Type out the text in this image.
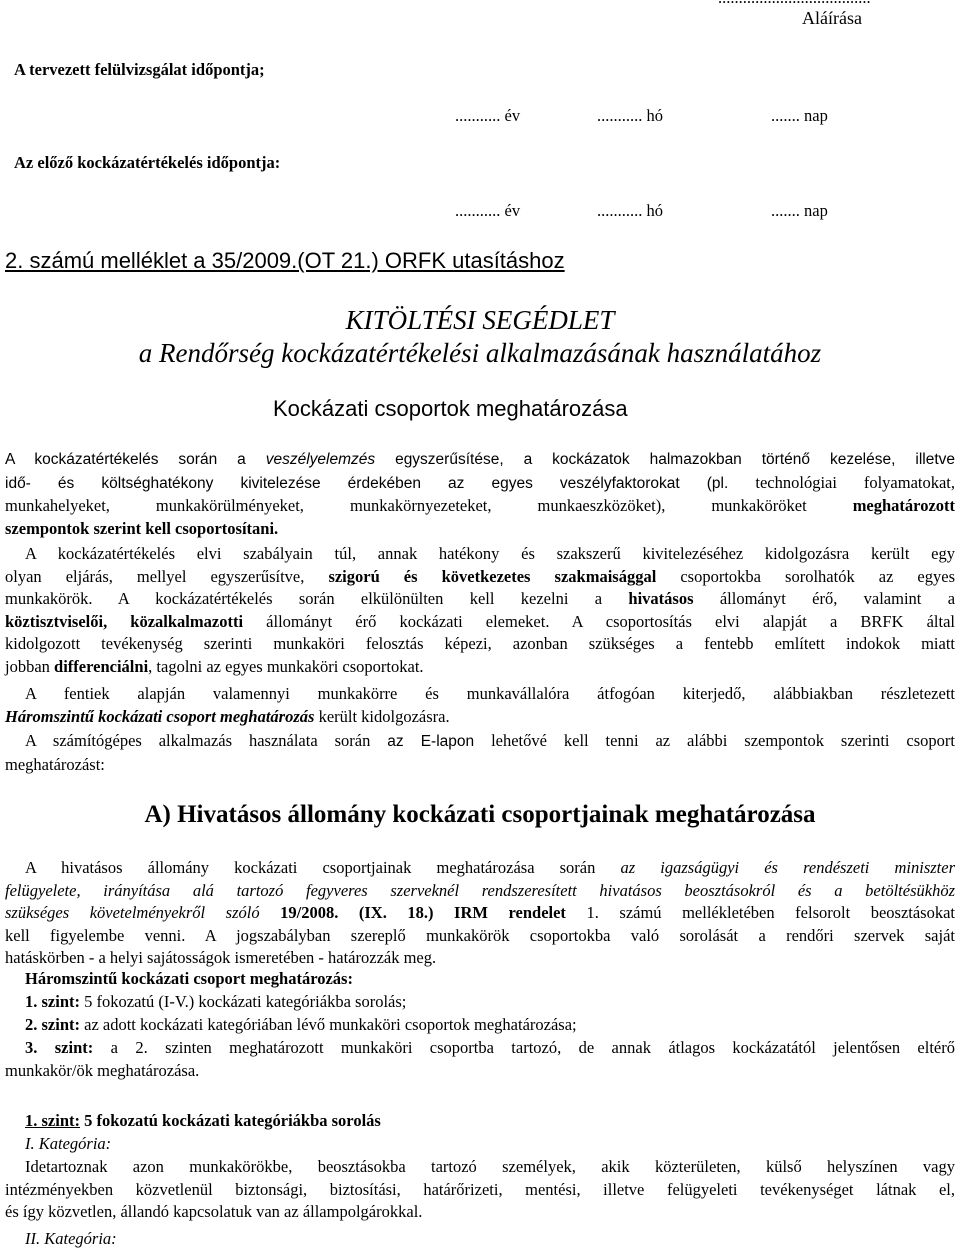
Aláírása
A tervezett felülvizsgálat időpontja;
........... év	........... hó	....... nap
Az előző kockázatértékelés időpontja:
........... év	........... hó	....... nap
2. számú melléklet a 35/2009.(OT 21.) ORFK utasításhoz
KITÖLTÉSI SEGÉDLET
a Rendőrség kockázatértékelési alkalmazásának használatához
Kockázati csoportok meghatározása
A kockázatértékelés során a veszélyelemzés egyszerűsítése, a kockázatok halmazokban történő kezelése, illetve
idő- és költséghatékony kivitelezése érdekében az egyes veszélyfaktorokat (pl. technológiai folyamatokat,
munkahelyeket, munkakörülményeket, munkakörnyezeteket, munkaeszközöket), munkaköröket	meghatározott
szempontok szerint kell csoportosítani.
A kockázatértékelés elvi szabályain túl, annak hatékony és szakszerű kivitelezéséhez kidolgozásra került egy
olyan eljárás, mellyel egyszerűsítve, szigorú és következetes szakmaisággal csoportokba sorolhatók az egyes
munkakörök. A kockázatértékelés során elkülönülten kell kezelni a hivatásos állományt érő, valamint a
köztisztviselői, közalkalmazotti állományt érő kockázati elemeket. A csoportosítás elvi alapját a BRFK által
kidolgozott tevékenység szerinti munkaköri felosztás képezi, azonban szükséges a fentebb említett indokok miatt
jobban differenciálni, tagolni az egyes munkaköri csoportokat.
A fentiek alapján valamennyi munkakörre és munkavállalóra átfogóan kiterjedő, alábbiakban részletezett
Háromszintű kockázati csoport meghatározás került kidolgozásra.
A számítógépes alkalmazás használata során az E-lapon lehetővé kell tenni az alábbi szempontok szerinti csoport
meghatározást:
A) Hivatásos állomány kockázati csoportjainak meghatározása
A hivatásos állomány kockázati csoportjainak meghatározása során az igazságügyi és rendészeti miniszter
felügyelete, irányítása alá tartozó fegyveres szerveknél rendszeresített hivatásos beosztásokról és a betöltésükhöz
szükséges követelményekről szóló 19/2008. (IX. 18.) IRM rendelet 1. számú mellékletében felsorolt beosztásokat
kell figyelembe venni. A jogszabályban szereplő munkakörök csoportokba való sorolását a rendőri szervek saját
hatáskörben - a helyi sajátosságok ismeretében - határozzák meg.
Háromszintű kockázati csoport meghatározás:
1. szint: 5 fokozatú (I-V.) kockázati kategóriákba sorolás;
2. szint: az adott kockázati kategóriában lévő munkaköri csoportok meghatározása;
3. szint: a 2. szinten meghatározott munkaköri csoportba tartozó, de annak átlagos kockázatától jelentősen eltérő
munkakör/ök meghatározása.
1. szint: 5 fokozatú kockázati kategóriákba sorolás
I. Kategória:
Idetartoznak azon munkakörökbe, beosztásokba tartozó személyek, akik közterületen, külső helyszínen vagy
intézményekben közvetlenül biztonsági, biztosítási, határőrizeti, mentési, illetve felügyeleti tevékenységet látnak el,
és így közvetlen, állandó kapcsolatuk van az állampolgárokkal.
II. Kategória:
